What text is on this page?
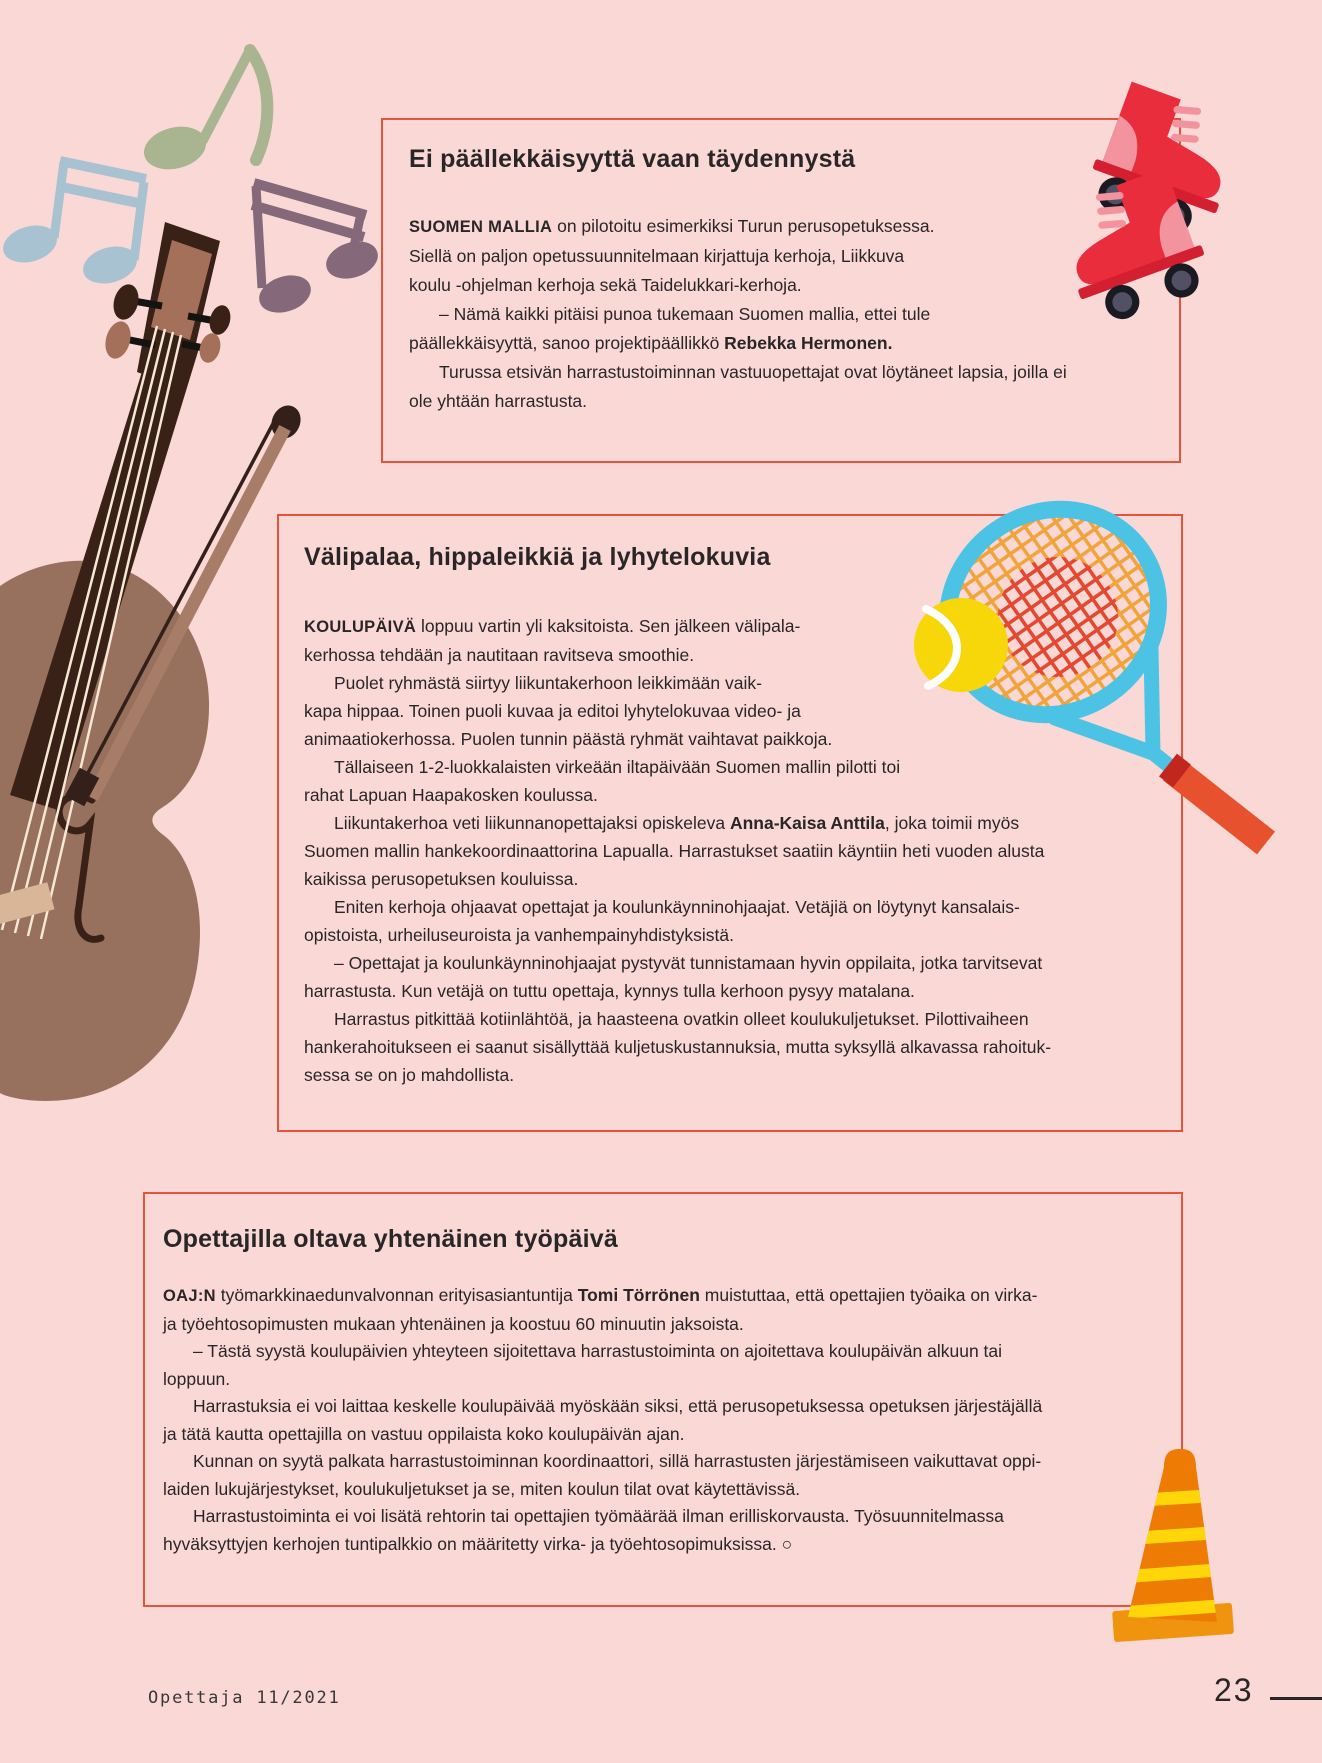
Ei päällekkäisyyttä vaan täydennystä
SUOMEN MALLIA on pilotoitu esimerkiksi Turun perusopetuksessa.
Siellä on paljon opetussuunnitelmaan kirjattuja kerhoja, Liikkuva
koulu -ohjelman kerhoja sekä Taidelukkari-kerhoja.
– Nämä kaikki pitäisi punoa tukemaan Suomen mallia, ettei tule
päällekkäisyyttä, sanoo projektipäällikkö Rebekka Hermonen.
Turussa etsivän harrastustoiminnan vastuuopettajat ovat löytäneet lapsia, joilla ei
ole yhtään harrastusta.
Välipalaa, hippaleikkiä ja lyhytelokuvia
KOULUPÄIVÄ loppuu vartin yli kaksitoista. Sen jälkeen välipala-
kerhossa tehdään ja nautitaan ravitseva smoothie.
Puolet ryhmästä siirtyy liikuntakerhoon leikkimään vaik-
kapa hippaa. Toinen puoli kuvaa ja editoi lyhytelokuvaa video- ja
animaatiokerhossa. Puolen tunnin päästä ryhmät vaihtavat paikkoja.
Tällaiseen 1-2-luokkalaisten virkeään iltapäivään Suomen mallin pilotti toi
rahat Lapuan Haapakosken koulussa.
Liikuntakerhoa veti liikunnanopettajaksi opiskeleva Anna-Kaisa Anttila, joka toimii myös
Suomen mallin hankekoordinaattorina Lapualla. Harrastukset saatiin käyntiin heti vuoden alusta
kaikissa perusopetuksen kouluissa.
Eniten kerhoja ohjaavat opettajat ja koulunkäynninohjaajat. Vetäjiä on löytynyt kansalais-
opistoista, urheiluseuroista ja vanhempainyhdistyksistä.
– Opettajat ja koulunkäynninohjaajat pystyvät tunnistamaan hyvin oppilaita, jotka tarvitsevat
harrastusta. Kun vetäjä on tuttu opettaja, kynnys tulla kerhoon pysyy matalana.
Harrastus pitkittää kotiinlähtöä, ja haasteena ovatkin olleet koulukuljetukset. Pilottivaiheen
hankerahoitukseen ei saanut sisällyttää kuljetuskustannuksia, mutta syksyllä alkavassa rahoituk-
sessa se on jo mahdollista.
Opettajilla oltava yhtenäinen työpäivä
OAJ:N työmarkkinaedunvalvonnan erityisasiantuntija Tomi Törrönen muistuttaa, että opettajien työaika on virka-
ja työehtosopimusten mukaan yhtenäinen ja koostuu 60 minuutin jaksoista.
– Tästä syystä koulupäivien yhteyteen sijoitettava harrastustoiminta on ajoitettava koulupäivän alkuun tai
loppuun.
Harrastuksia ei voi laittaa keskelle koulupäivää myöskään siksi, että perusopetuksessa opetuksen järjestäjällä
ja tätä kautta opettajilla on vastuu oppilaista koko koulupäivän ajan.
Kunnan on syytä palkata harrastustoiminnan koordinaattori, sillä harrastusten järjestämiseen vaikuttavat oppi-
laiden lukujärjestykset, koulukuljetukset ja se, miten koulun tilat ovat käytettävissä.
Harrastustoiminta ei voi lisätä rehtorin tai opettajien työmäärää ilman erilliskorvausta. Työsuunnitelmassa
hyväksyttyjen kerhojen tuntipalkkio on määritetty virka- ja työehtosopimuksissa. ○
Opettaja 11/2021	23
